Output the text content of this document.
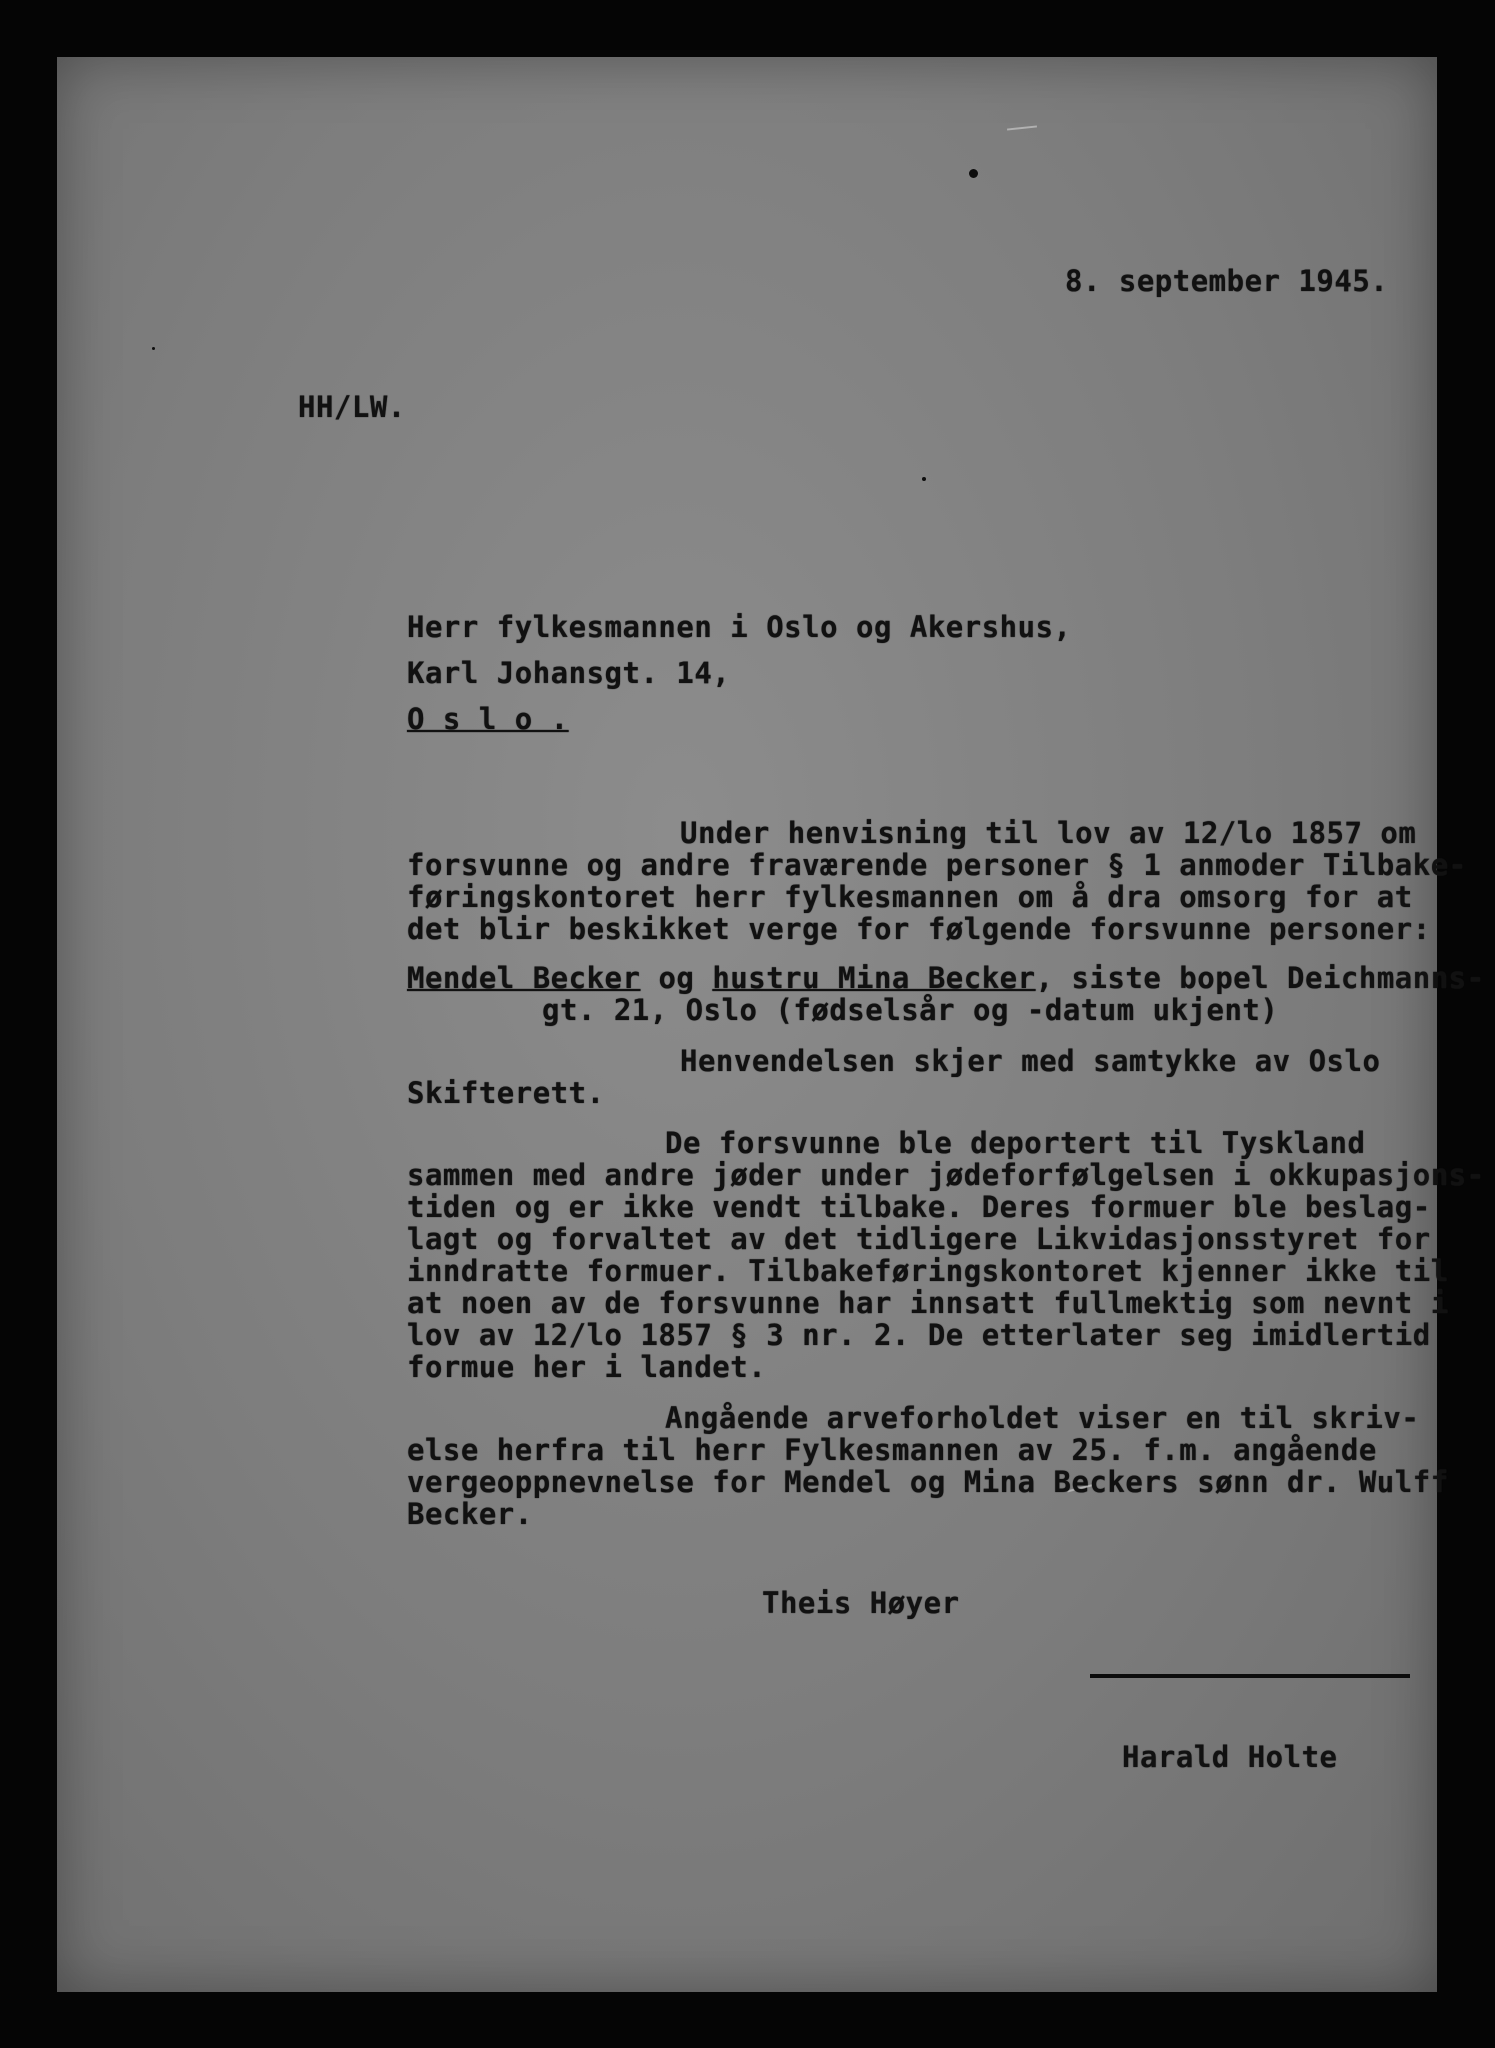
8. september 1945.
HH/LW.
Herr fylkesmannen i Oslo og Akershus,
Karl Johansgt. 14,
O s l o .
Under henvisning til lov av 12/lo 1857 om
forsvunne og andre fraværende personer § 1 anmoder Tilbake-
føringskontoret herr fylkesmannen om å dra omsorg for at
det blir beskikket verge for følgende forsvunne personer:
Mendel Becker og hustru Mina Becker, siste bopel Deichmanns-
gt. 21, Oslo (fødselsår og -datum ukjent)
Henvendelsen skjer med samtykke av Oslo
Skifterett.
De forsvunne ble deportert til Tyskland
sammen med andre jøder under jødeforfølgelsen i okkupasjons-
tiden og er ikke vendt tilbake. Deres formuer ble beslag-
lagt og forvaltet av det tidligere Likvidasjonsstyret for
inndratte formuer. Tilbakeføringskontoret kjenner ikke til
at noen av de forsvunne har innsatt fullmektig som nevnt i
lov av 12/lo 1857 § 3 nr. 2. De etterlater seg imidlertid
formue her i landet.
Angående arveforholdet viser en til skriv-
else herfra til herr Fylkesmannen av 25. f.m. angående
vergeoppnevnelse for Mendel og Mina Beckers sønn dr. Wulff
Becker.
Theis Høyer
Harald Holte
